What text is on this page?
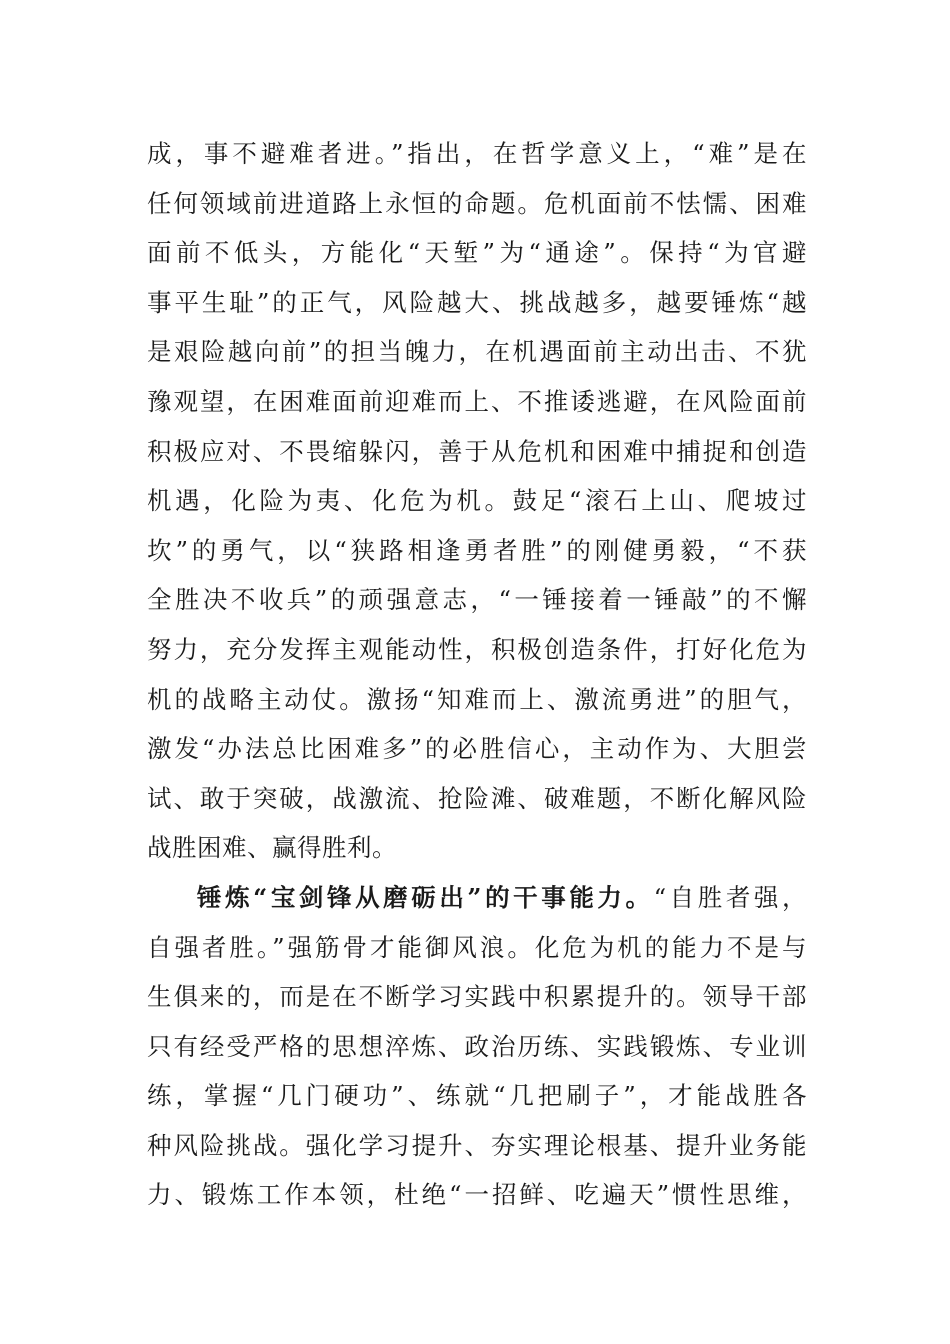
成，事不避难者进。”指出，在哲学意义上，“难”是在
任何领域前进道路上永恒的命题。危机面前不怯懦、困难
面前不低头，方能化“天堑”为“通途”。保持“为官避
事平生耻”的正气，风险越大、挑战越多，越要锤炼“越
是艰险越向前”的担当魄力，在机遇面前主动出击、不犹
豫观望，在困难面前迎难而上、不推诿逃避，在风险面前
积极应对、不畏缩躲闪，善于从危机和困难中捕捉和创造
机遇，化险为夷、化危为机。鼓足“滚石上山、爬坡过
坎”的勇气，以“狭路相逢勇者胜”的刚健勇毅，“不获
全胜决不收兵”的顽强意志，“一锤接着一锤敲”的不懈
努力，充分发挥主观能动性，积极创造条件，打好化危为
机的战略主动仗。激扬“知难而上、激流勇进”的胆气，
激发“办法总比困难多”的必胜信心，主动作为、大胆尝
试、敢于突破，战激流、抢险滩、破难题，不断化解风险
战胜困难、赢得胜利。
锤炼“宝剑锋从磨砺出”的干事能力。“自胜者强，
自强者胜。”强筋骨才能御风浪。化危为机的能力不是与
生俱来的，而是在不断学习实践中积累提升的。领导干部
只有经受严格的思想淬炼、政治历练、实践锻炼、专业训
练，掌握“几门硬功”、练就“几把刷子”，才能战胜各
种风险挑战。强化学习提升、夯实理论根基、提升业务能
力、锻炼工作本领，杜绝“一招鲜、吃遍天”惯性思维，
